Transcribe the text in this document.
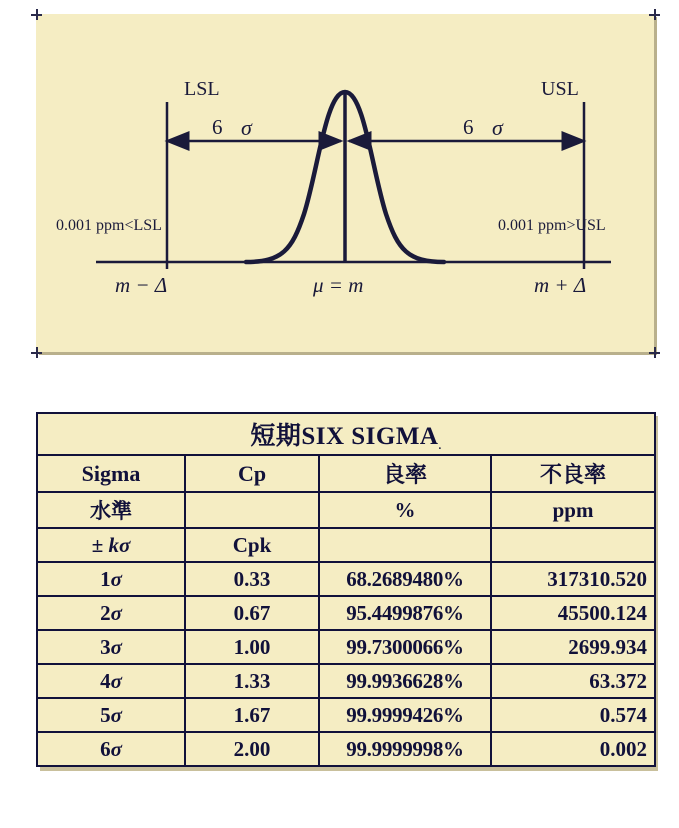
LSL	USL
6 σ	6 σ
0.001 ppm<LSL	0.001 ppm>USL
m − Δ	μ = m	m + Δ
短期SIX SIGMA.			
Sigma	Cp	良率	不良率
水準		%	ppm
± kσ	Cpk		
1σ	0.33	68.2689480%	317310.520
2σ	0.67	95.4499876%	45500.124
3σ	1.00	99.7300066%	2699.934
4σ	1.33	99.9936628%	63.372
5σ	1.67	99.9999426%	0.574
6σ	2.00	99.9999998%	0.002
